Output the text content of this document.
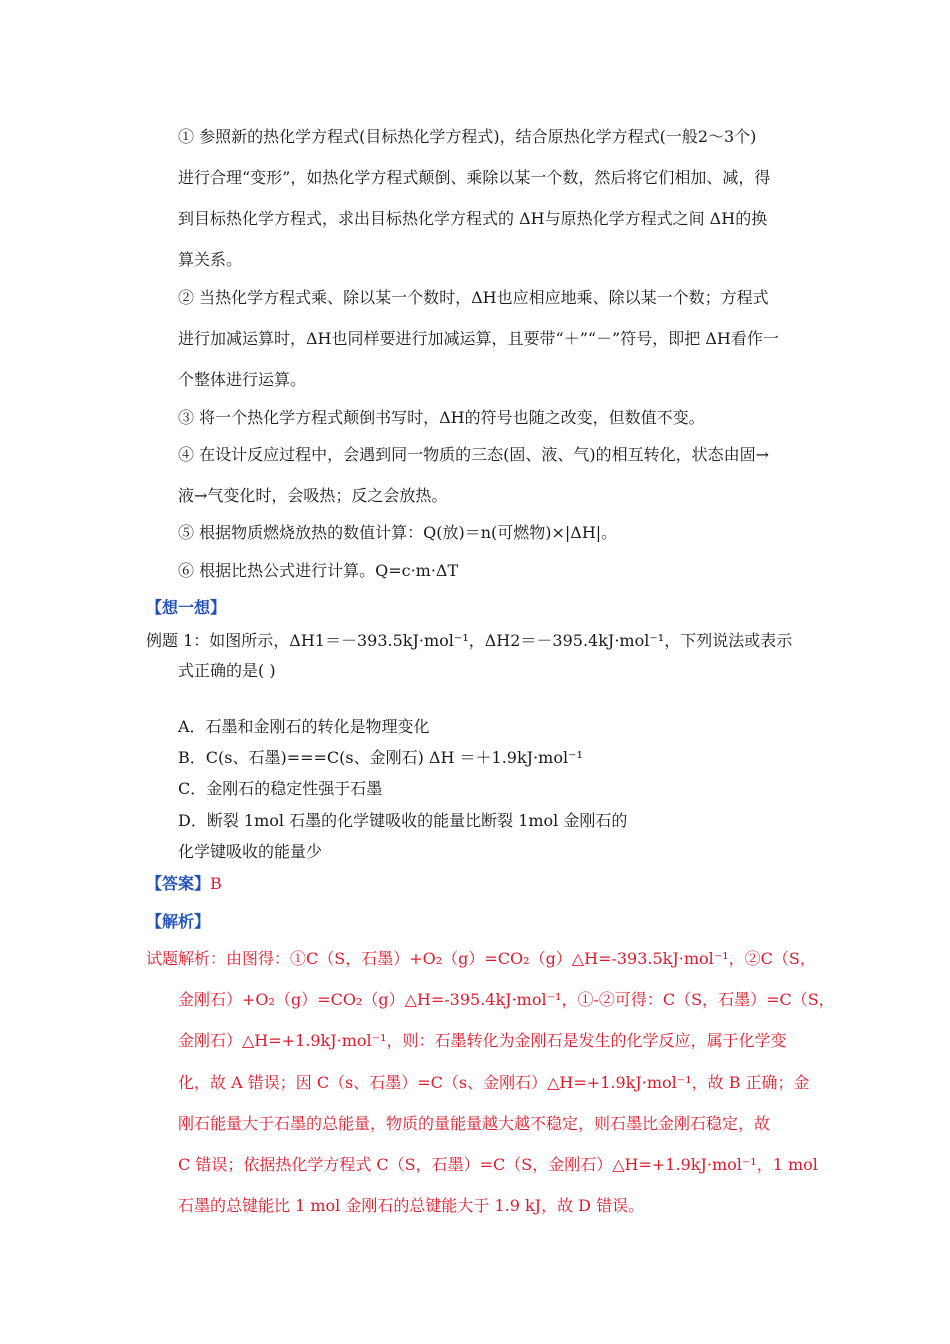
① 参照新的热化学方程式(目标热化学方程式)，结合原热化学方程式(一般2～3个)
进行合理“变形”，如热化学方程式颠倒、乘除以某一个数，然后将它们相加、减，得
到目标热化学方程式，求出目标热化学方程式的 ΔH与原热化学方程式之间 ΔH的换
算关系。
② 当热化学方程式乘、除以某一个数时，ΔH也应相应地乘、除以某一个数；方程式
进行加减运算时，ΔH也同样要进行加减运算，且要带“＋”“－”符号，即把 ΔH看作一
个整体进行运算。
③ 将一个热化学方程式颠倒书写时，ΔH的符号也随之改变，但数值不变。
④ 在设计反应过程中，会遇到同一物质的三态(固、液、气)的相互转化，状态由固→
液→气变化时，会吸热；反之会放热。
⑤ 根据物质燃烧放热的数值计算：Q(放)＝n(可燃物)×|ΔH|。
⑥ 根据比热公式进行计算。Q=c·m·ΔT
【想一想】
例题 1：如图所示，ΔH1＝－393.5kJ·mol⁻¹，ΔH2＝－395.4kJ·mol⁻¹，下列说法或表示
式正确的是( )
A．石墨和金刚石的转化是物理变化
B．C(s、石墨)===C(s、金刚石) ΔH ＝＋1.9kJ·mol⁻¹
C．金刚石的稳定性强于石墨
D．断裂 1mol 石墨的化学键吸收的能量比断裂 1mol 金刚石的
化学键吸收的能量少
【答案】B
【解析】
试题解析：由图得：①C（S，石墨）+O₂（g）=CO₂（g）△H=-393.5kJ·mol⁻¹，②C（S，
金刚石）+O₂（g）=CO₂（g）△H=-395.4kJ·mol⁻¹，①-②可得：C（S，石墨）=C（S，
金刚石）△H=+1.9kJ·mol⁻¹，则：石墨转化为金刚石是发生的化学反应，属于化学变
化，故 A 错误；因 C（s、石墨）=C（s、金刚石）△H=+1.9kJ·mol⁻¹，故 B 正确；金
刚石能量大于石墨的总能量，物质的量能量越大越不稳定，则石墨比金刚石稳定，故
C 错误；依据热化学方程式 C（S，石墨）=C（S，金刚石）△H=+1.9kJ·mol⁻¹，1 mol
石墨的总键能比 1 mol 金刚石的总键能大于 1.9 kJ，故 D 错误。
